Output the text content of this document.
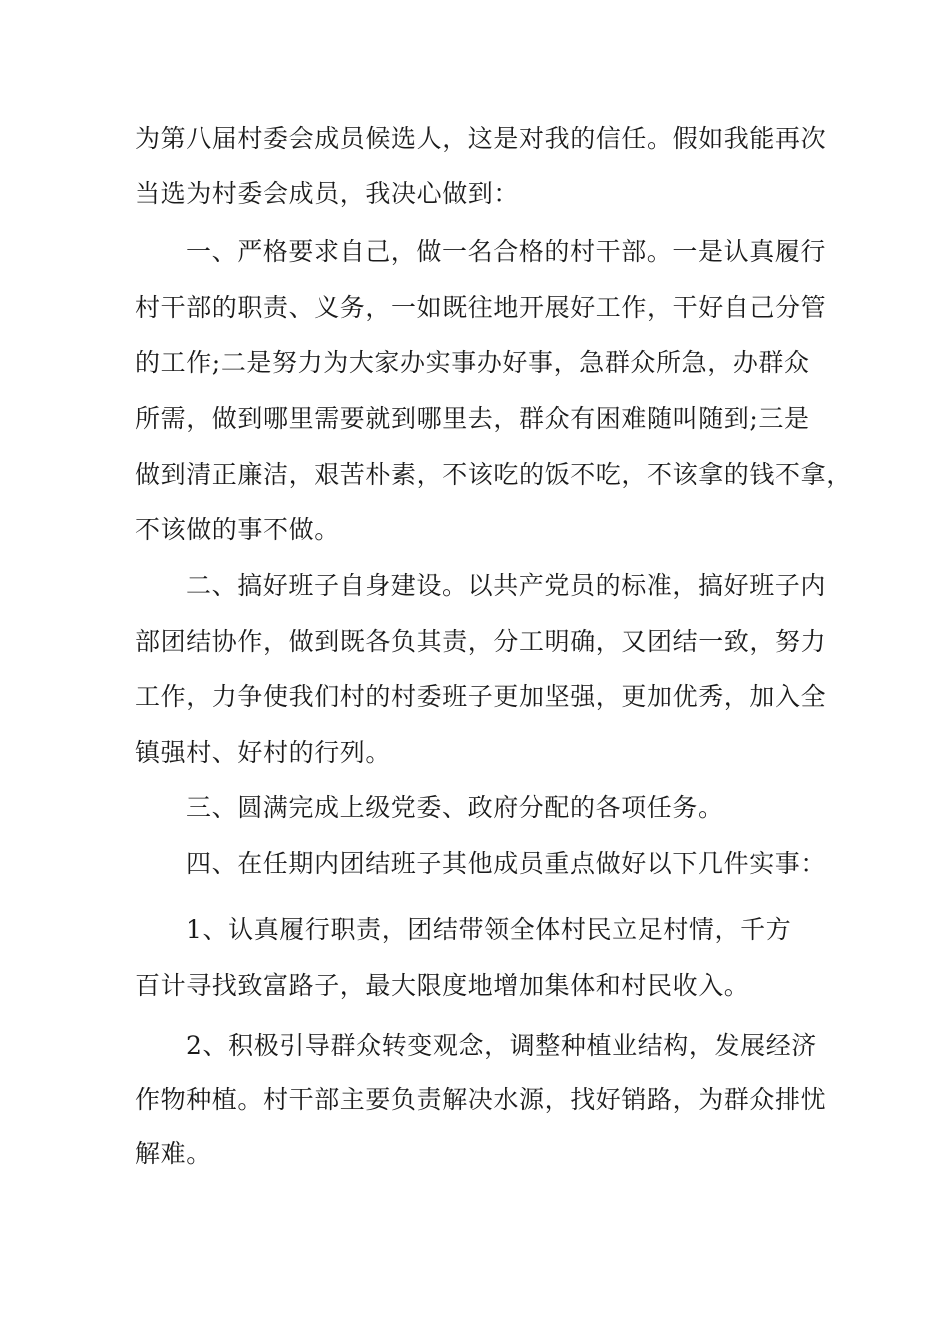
为第八届村委会成员候选人，这是对我的信任。假如我能再次
当选为村委会成员，我决心做到：
一、严格要求自己，做一名合格的村干部。一是认真履行
村干部的职责、义务，一如既往地开展好工作，干好自己分管
的工作;二是努力为大家办实事办好事，急群众所急，办群众
所需，做到哪里需要就到哪里去，群众有困难随叫随到;三是
做到清正廉洁，艰苦朴素，不该吃的饭不吃，不该拿的钱不拿，
不该做的事不做。
二、搞好班子自身建设。以共产党员的标准，搞好班子内
部团结协作，做到既各负其责，分工明确，又团结一致，努力
工作，力争使我们村的村委班子更加坚强，更加优秀，加入全
镇强村、好村的行列。
三、圆满完成上级党委、政府分配的各项任务。
四、在任期内团结班子其他成员重点做好以下几件实事：
1、认真履行职责，团结带领全体村民立足村情，千方
百计寻找致富路子，最大限度地增加集体和村民收入。
2、积极引导群众转变观念，调整种植业结构，发展经济
作物种植。村干部主要负责解决水源，找好销路，为群众排忧
解难。
